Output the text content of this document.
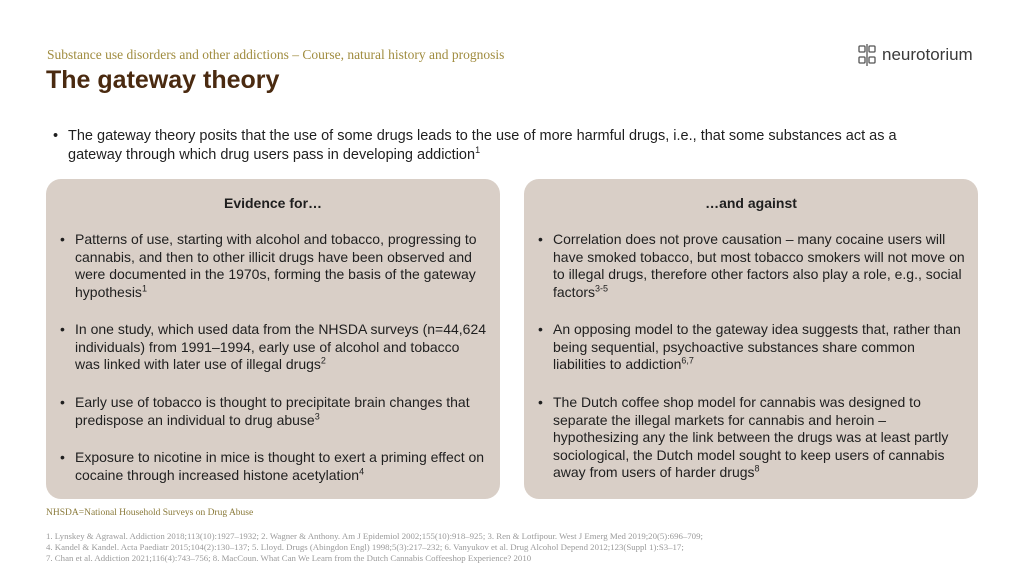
Substance use disorders and other addictions – Course, natural history and prognosis
The gateway theory
neurotorium
• The gateway theory posits that the use of some drugs leads to the use of more harmful drugs, i.e., that some substances act as a gateway through which drug users pass in developing addiction$^1$
Evidence for…
• Patterns of use, starting with alcohol and tobacco, progressing to cannabis, and then to other illicit drugs have been observed and were documented in the 1970s, forming the basis of the gateway hypothesis$^1$
• In one study, which used data from the NHSDA surveys (n=44,624 individuals) from 1991–1994, early use of alcohol and tobacco was linked with later use of illegal drugs$^2$
• Early use of tobacco is thought to precipitate brain changes that predispose an individual to drug abuse$^3$
• Exposure to nicotine in mice is thought to exert a priming effect on cocaine through increased histone acetylation$^4$
…and against
• Correlation does not prove causation – many cocaine users will have smoked tobacco, but most tobacco smokers will not move on to illegal drugs, therefore other factors also play a role, e.g., social factors$^{3-5}$
• An opposing model to the gateway idea suggests that, rather than being sequential, psychoactive substances share common liabilities to addiction$^{6,7}$
• The Dutch coffee shop model for cannabis was designed to separate the illegal markets for cannabis and heroin – hypothesizing any the link between the drugs was at least partly sociological, the Dutch model sought to keep users of cannabis away from users of harder drugs$^8$
NHSDA=National Household Surveys on Drug Abuse
1. Lynskey & Agrawal. Addiction 2018;113(10):1927–1932; 2. Wagner & Anthony. Am J Epidemiol 2002;155(10):918–925; 3. Ren & Lotfipour. West J Emerg Med 2019;20(5):696–709;
4. Kandel & Kandel. Acta Paediatr 2015;104(2):130–137; 5. Lloyd. Drugs (Abingdon Engl) 1998;5(3):217–232; 6. Vanyukov et al. Drug Alcohol Depend 2012;123(Suppl 1):S3–17;
7. Chan et al. Addiction 2021;116(4):743–756; 8. MacCoun. What Can We Learn from the Dutch Cannabis Coffeeshop Experience? 2010
